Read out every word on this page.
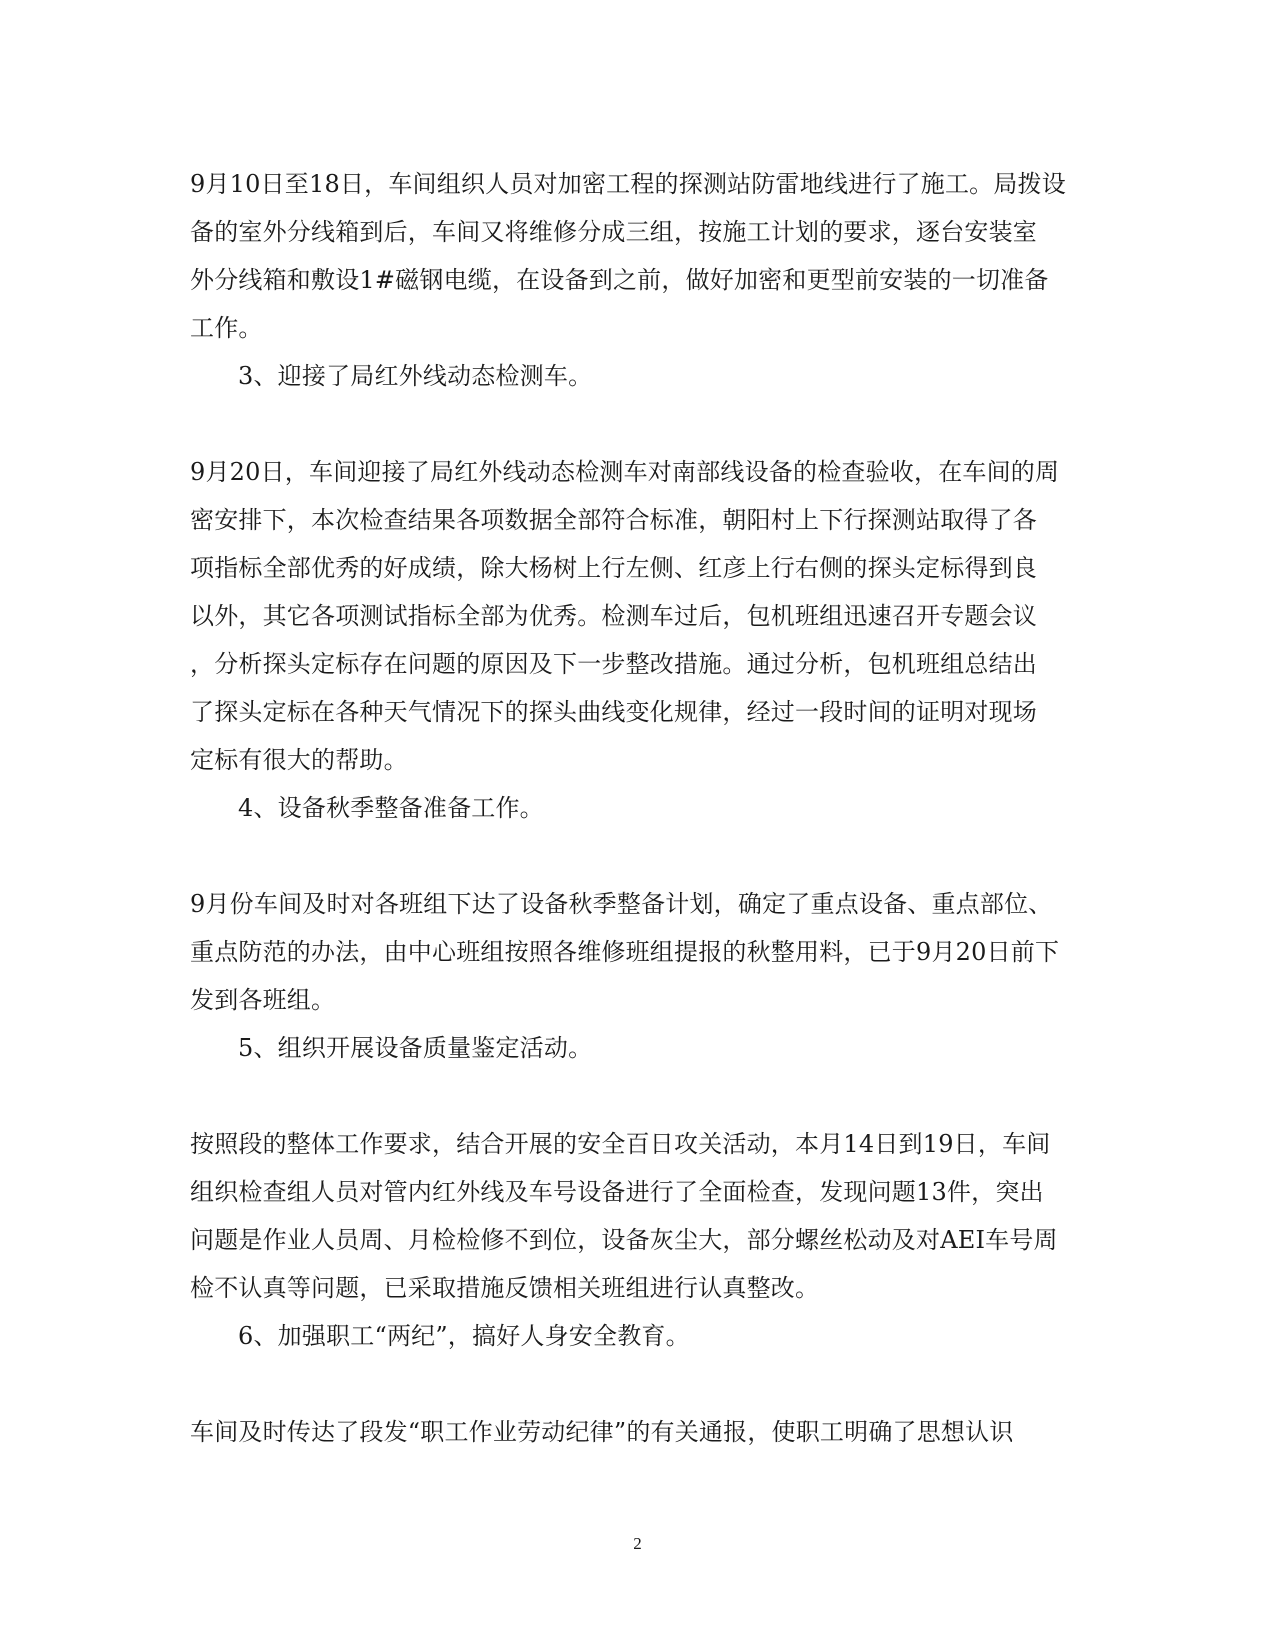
9月10日至18日，车间组织人员对加密工程的探测站防雷地线进行了施工。局拨设
备的室外分线箱到后，车间又将维修分成三组，按施工计划的要求，逐台安装室
外分线箱和敷设1#磁钢电缆，在设备到之前，做好加密和更型前安装的一切准备
工作。
3、迎接了局红外线动态检测车。
9月20日，车间迎接了局红外线动态检测车对南部线设备的检查验收，在车间的周
密安排下，本次检查结果各项数据全部符合标准，朝阳村上下行探测站取得了各
项指标全部优秀的好成绩，除大杨树上行左侧、红彦上行右侧的探头定标得到良
以外，其它各项测试指标全部为优秀。检测车过后，包机班组迅速召开专题会议
，分析探头定标存在问题的原因及下一步整改措施。通过分析，包机班组总结出
了探头定标在各种天气情况下的探头曲线变化规律，经过一段时间的证明对现场
定标有很大的帮助。
4、设备秋季整备准备工作。
9月份车间及时对各班组下达了设备秋季整备计划，确定了重点设备、重点部位、
重点防范的办法，由中心班组按照各维修班组提报的秋整用料，已于9月20日前下
发到各班组。
5、组织开展设备质量鉴定活动。
按照段的整体工作要求，结合开展的安全百日攻关活动，本月14日到19日，车间
组织检查组人员对管内红外线及车号设备进行了全面检查，发现问题13件，突出
问题是作业人员周、月检检修不到位，设备灰尘大，部分螺丝松动及对AEI车号周
检不认真等问题，已采取措施反馈相关班组进行认真整改。
6、加强职工“两纪”，搞好人身安全教育。
车间及时传达了段发“职工作业劳动纪律”的有关通报，使职工明确了思想认识
2
